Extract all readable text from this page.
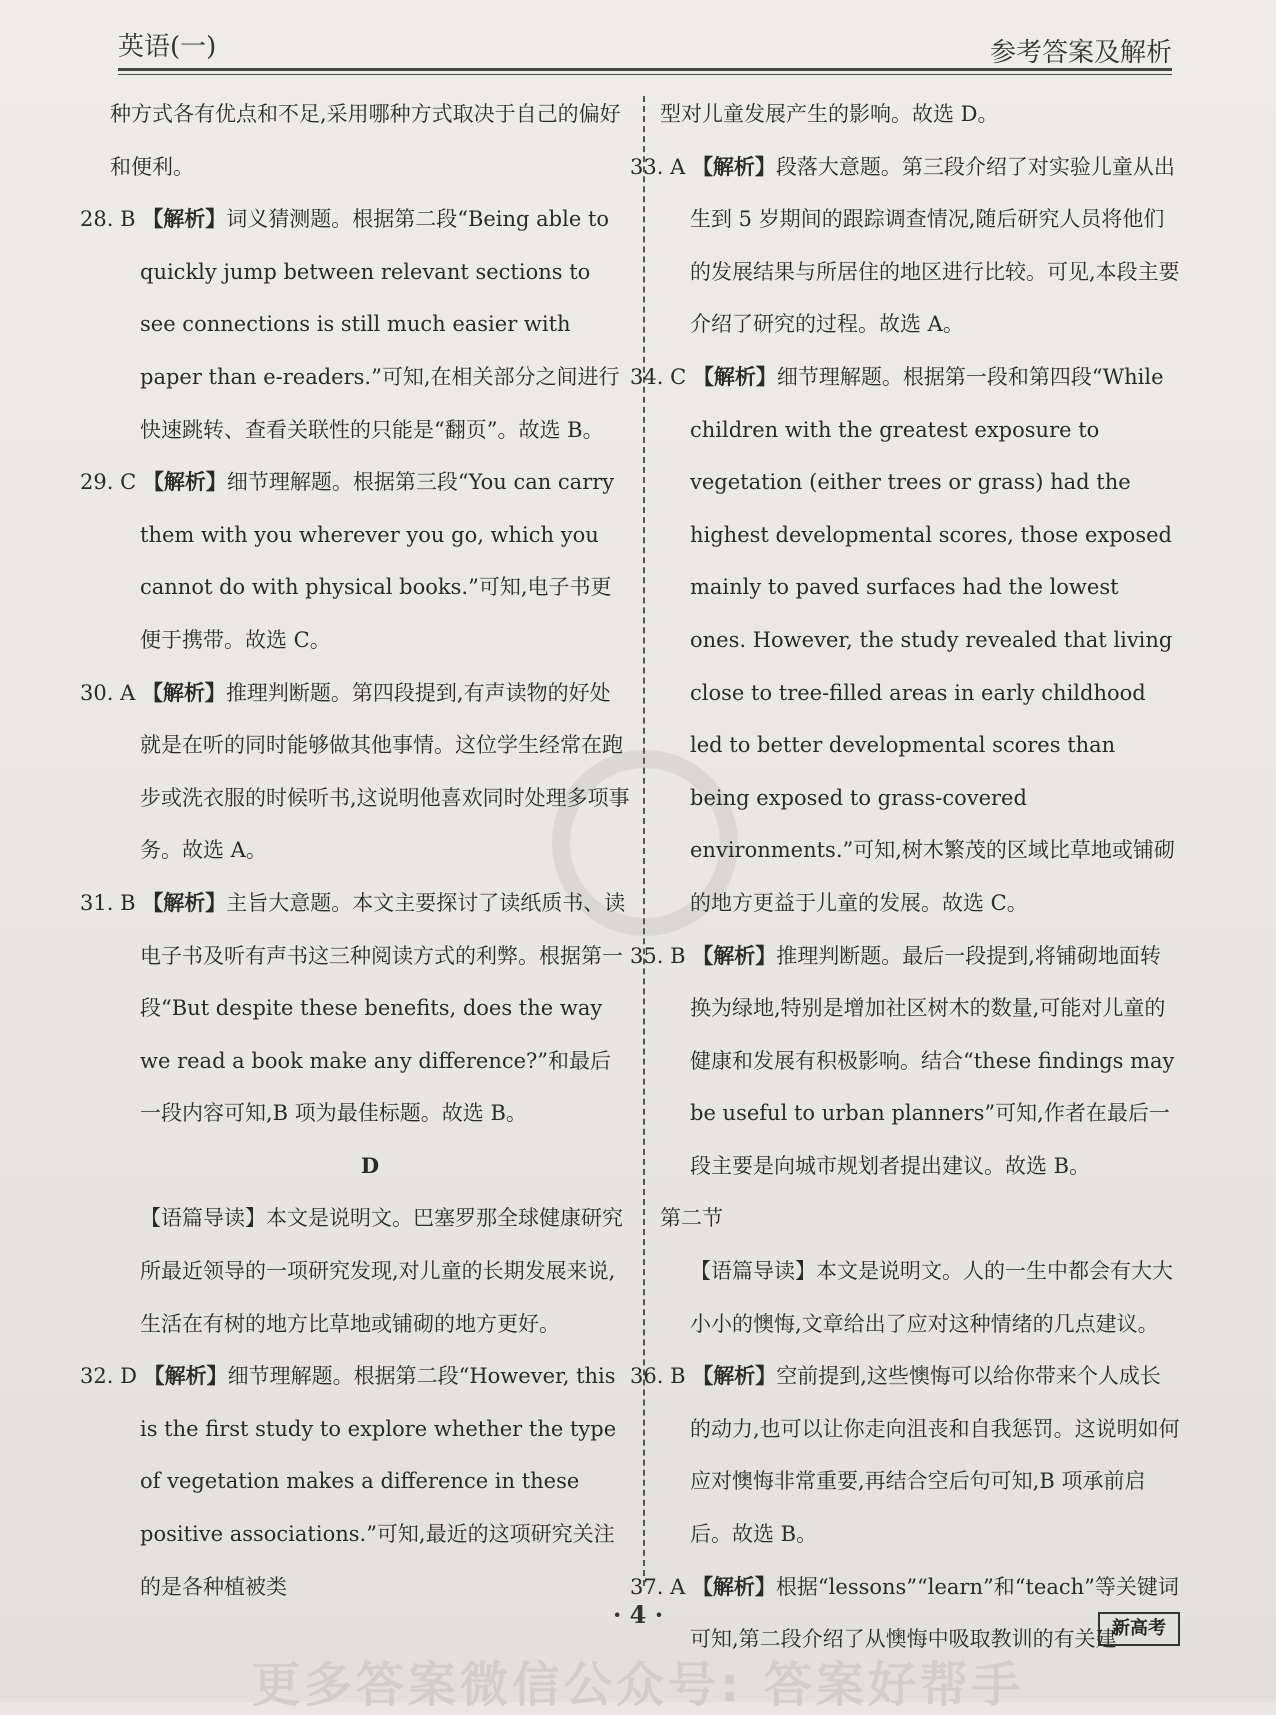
英语(一)	参考答案及解析
种方式各有优点和不足,采用哪种方式取决于自己的偏好和便利。
28. B 【解析】词义猜测题。根据第二段“Being able to quickly jump between relevant sections to see connections is still much easier with paper than e-readers.”可知,在相关部分之间进行快速跳转、查看关联性的只能是“翻页”。故选 B。
29. C 【解析】细节理解题。根据第三段“You can carry them with you wherever you go, which you cannot do with physical books.”可知,电子书更便于携带。故选 C。
30. A 【解析】推理判断题。第四段提到,有声读物的好处就是在听的同时能够做其他事情。这位学生经常在跑步或洗衣服的时候听书,这说明他喜欢同时处理多项事务。故选 A。
31. B 【解析】主旨大意题。本文主要探讨了读纸质书、读电子书及听有声书这三种阅读方式的利弊。根据第一段“But despite these benefits, does the way we read a book make any difference?”和最后一段内容可知,B 项为最佳标题。故选 B。
D
【语篇导读】本文是说明文。巴塞罗那全球健康研究所最近领导的一项研究发现,对儿童的长期发展来说,生活在有树的地方比草地或铺砌的地方更好。
32. D 【解析】细节理解题。根据第二段“However, this is the first study to explore whether the type of vegetation makes a difference in these positive associations.”可知,最近的这项研究关注的是各种植被类
型对儿童发展产生的影响。故选 D。
33. A 【解析】段落大意题。第三段介绍了对实验儿童从出生到 5 岁期间的跟踪调查情况,随后研究人员将他们的发展结果与所居住的地区进行比较。可见,本段主要介绍了研究的过程。故选 A。
34. C 【解析】细节理解题。根据第一段和第四段“While children with the greatest exposure to vegetation (either trees or grass) had the highest developmental scores, those exposed mainly to paved surfaces had the lowest ones. However, the study revealed that living close to tree-filled areas in early childhood led to better developmental scores than being exposed to grass-covered environments.”可知,树木繁茂的区域比草地或铺砌的地方更益于儿童的发展。故选 C。
35. B 【解析】推理判断题。最后一段提到,将铺砌地面转换为绿地,特别是增加社区树木的数量,可能对儿童的健康和发展有积极影响。结合“these findings may be useful to urban planners”可知,作者在最后一段主要是向城市规划者提出建议。故选 B。
第二节
【语篇导读】本文是说明文。人的一生中都会有大大小小的懊悔,文章给出了应对这种情绪的几点建议。
36. B 【解析】空前提到,这些懊悔可以给你带来个人成长的动力,也可以让你走向沮丧和自我惩罚。这说明如何应对懊悔非常重要,再结合空后句可知,B 项承前启后。故选 B。
37. A 【解析】根据“lessons”“learn”和“teach”等关键词可知,第二段介绍了从懊悔中吸取教训的有关建
· 4 ·	新高考
更多答案微信公众号: 答案好帮手
